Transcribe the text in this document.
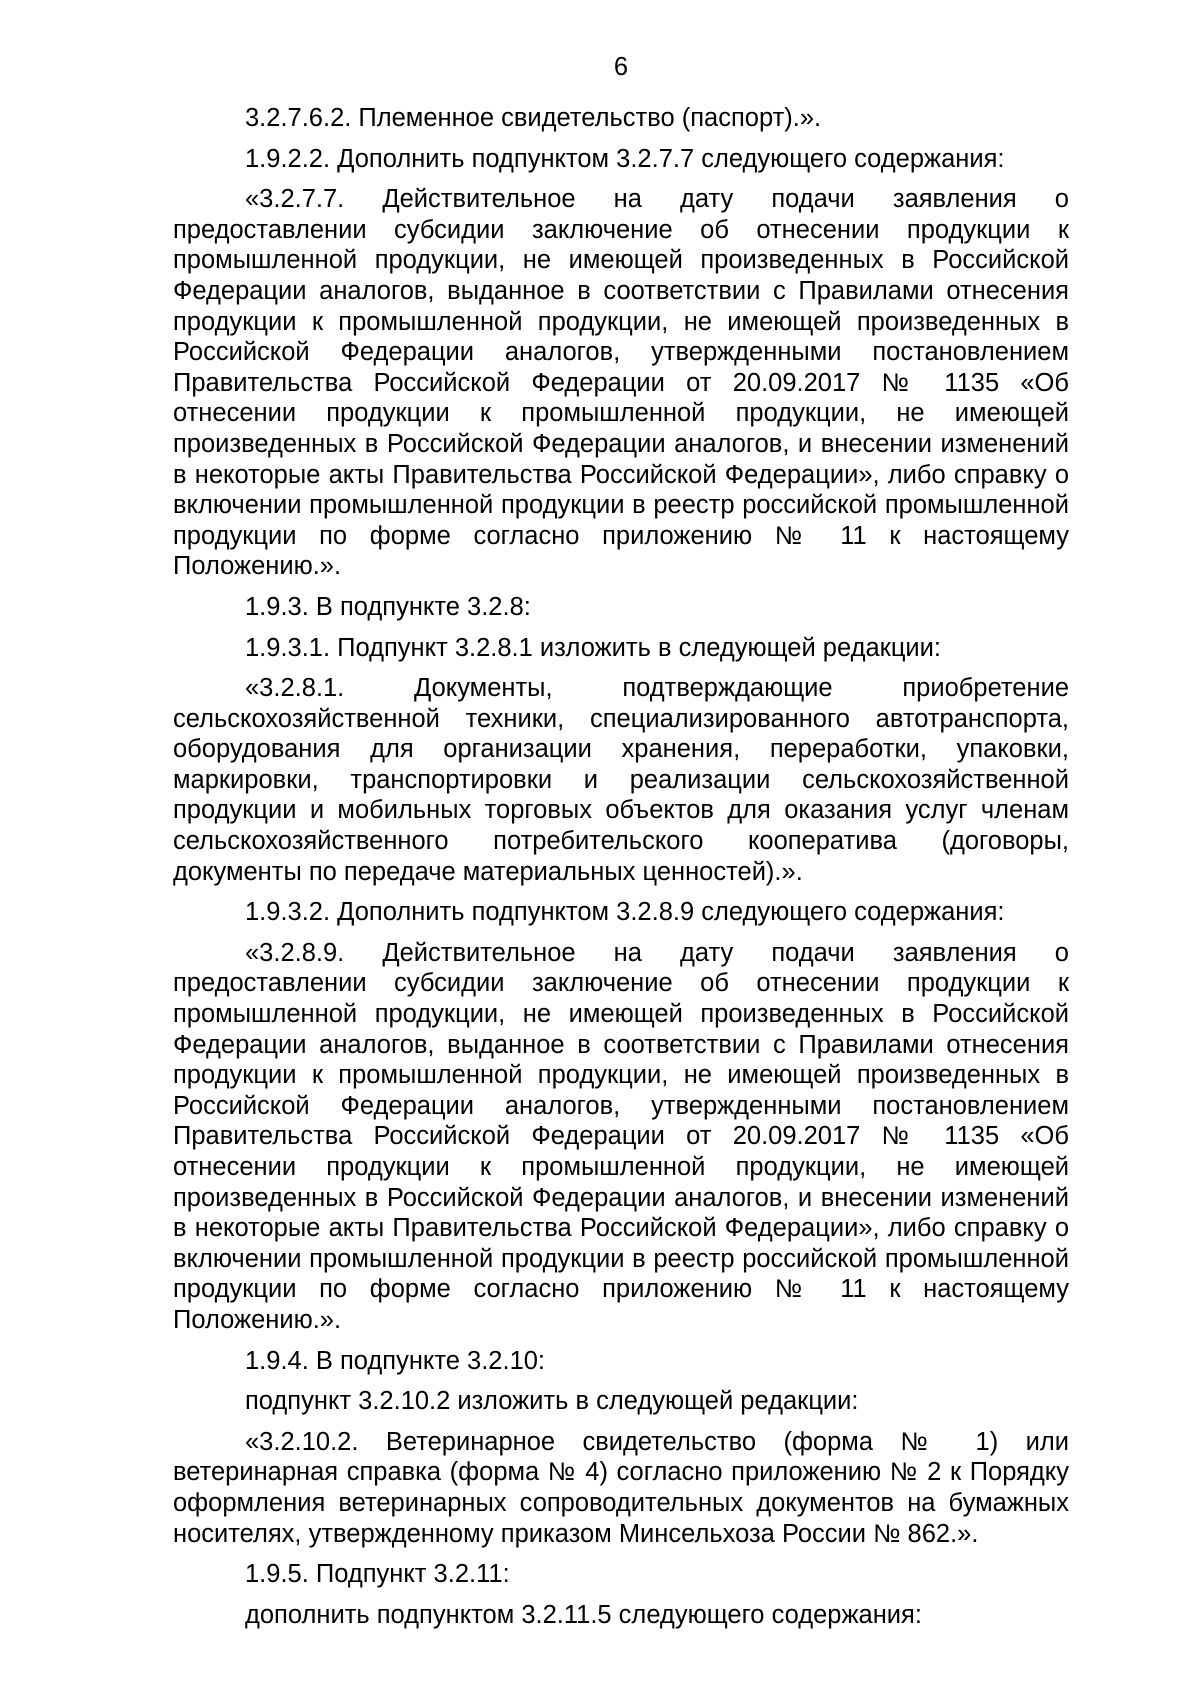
6

3.2.7.6.2. Племенное свидетельство (паспорт).».

1.9.2.2. Дополнить подпунктом 3.2.7.7 следующего содержания:

«3.2.7.7. Действительное на дату подачи заявления о предоставлении субсидии заключение об отнесении продукции к промышленной продукции, не имеющей произведенных в Российской Федерации аналогов, выданное в соответствии с Правилами отнесения продукции к промышленной продукции, не имеющей произведенных в Российской Федерации аналогов, утвержденными постановлением Правительства Российской Федерации от 20.09.2017 № 1135 «Об отнесении продукции к промышленной продукции, не имеющей произведенных в Российской Федерации аналогов, и внесении изменений в некоторые акты Правительства Российской Федерации», либо справку о включении промышленной продукции в реестр российской промышленной продукции по форме согласно приложению № 11 к настоящему Положению.».

1.9.3. В подпункте 3.2.8:

1.9.3.1. Подпункт 3.2.8.1 изложить в следующей редакции:

«3.2.8.1. Документы, подтверждающие приобретение сельскохозяйственной техники, специализированного автотранспорта, оборудования для организации хранения, переработки, упаковки, маркировки, транспортировки и реализации сельскохозяйственной продукции и мобильных торговых объектов для оказания услуг членам сельскохозяйственного потребительского кооператива (договоры, документы по передаче материальных ценностей).».

1.9.3.2. Дополнить подпунктом 3.2.8.9 следующего содержания:

«3.2.8.9. Действительное на дату подачи заявления о предоставлении субсидии заключение об отнесении продукции к промышленной продукции, не имеющей произведенных в Российской Федерации аналогов, выданное в соответствии с Правилами отнесения продукции к промышленной продукции, не имеющей произведенных в Российской Федерации аналогов, утвержденными постановлением Правительства Российской Федерации от 20.09.2017 № 1135 «Об отнесении продукции к промышленной продукции, не имеющей произведенных в Российской Федерации аналогов, и внесении изменений в некоторые акты Правительства Российской Федерации», либо справку о включении промышленной продукции в реестр российской промышленной продукции по форме согласно приложению № 11 к настоящему Положению.».

1.9.4. В подпункте 3.2.10:

подпункт 3.2.10.2 изложить в следующей редакции:

«3.2.10.2. Ветеринарное свидетельство (форма № 1) или ветеринарная справка (форма № 4) согласно приложению № 2 к Порядку оформления ветеринарных сопроводительных документов на бумажных носителях, утвержденному приказом Минсельхоза России № 862.».

1.9.5. Подпункт 3.2.11:

дополнить подпунктом 3.2.11.5 следующего содержания:
